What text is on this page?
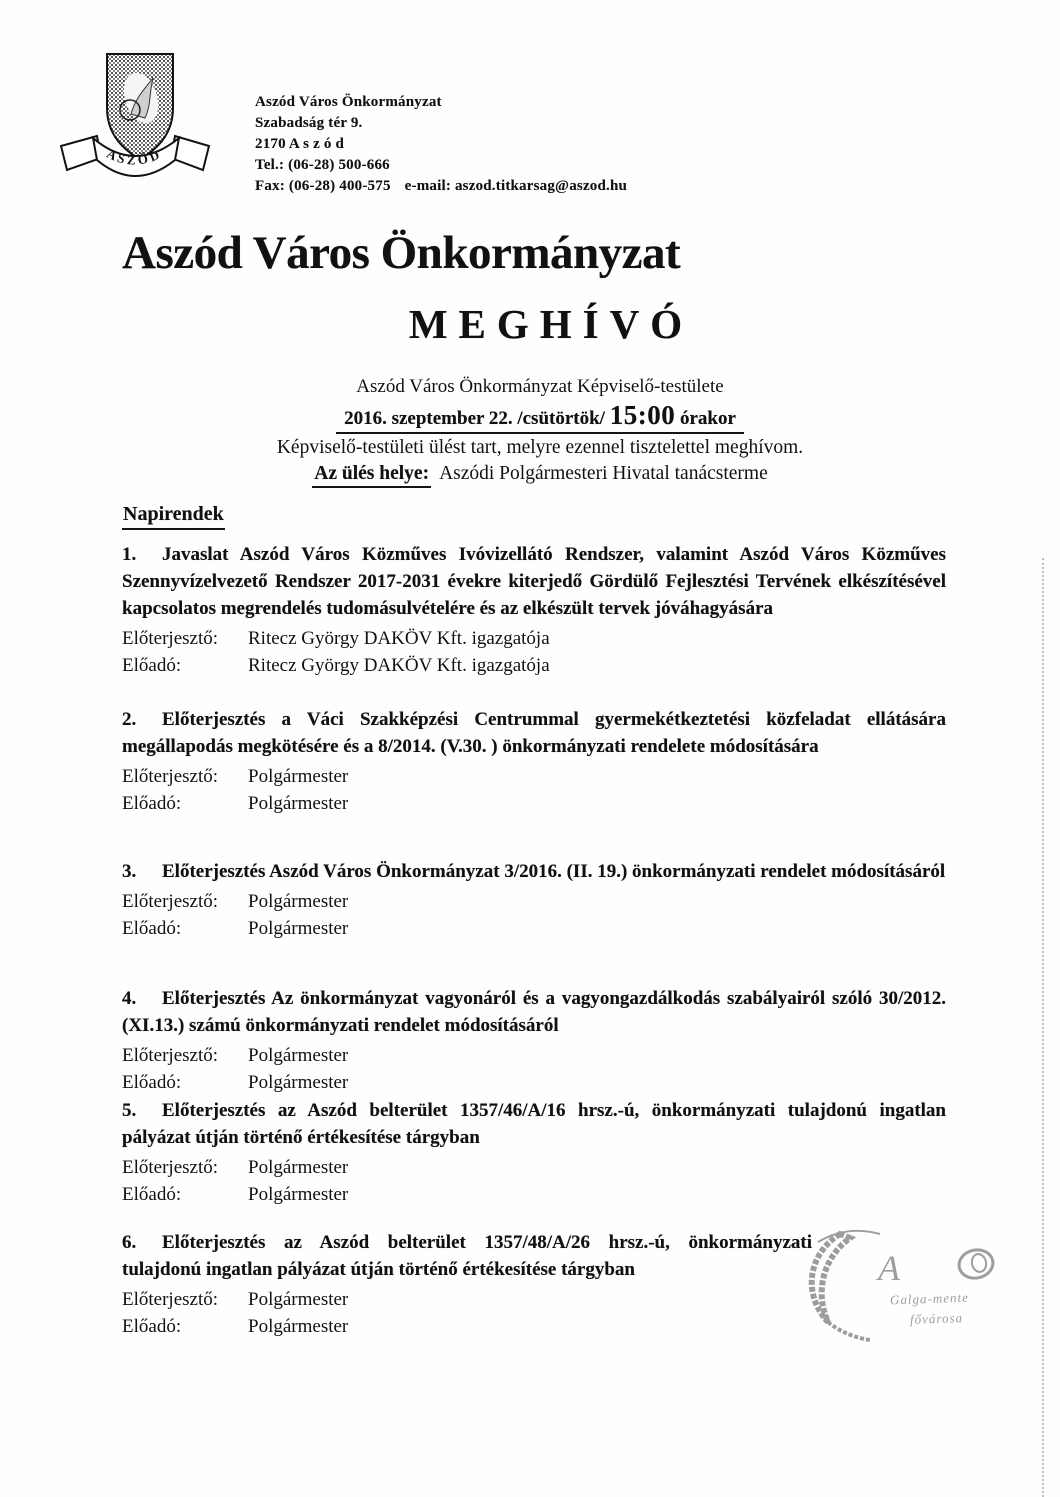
A S Z Ó D
Aszód Város Önkormányzat
Szabadság tér 9.
2170 A s z ó d
Tel.: (06-28) 500-666
Fax: (06-28) 400-575 e-mail: aszod.titkarsag@aszod.hu
Aszód Város Önkormányzat
MEGHÍVÓ
Aszód Város Önkormányzat Képviselő-testülete
2016. szeptember 22. /csütörtök/ 15:00 órakor
Képviselő-testületi ülést tart, melyre ezennel tisztelettel meghívom.
Az ülés helye: Aszódi Polgármesteri Hivatal tanácsterme
Napirendek

1. Javaslat Aszód Város Közműves Ivóvizellátó Rendszer, valamint Aszód Város Közműves Szennyvízelvezető Rendszer 2017-2031 évekre kiterjedő Gördülő Fejlesztési Tervének elkészítésével kapcsolatos megrendelés tudomásulvételére és az elkészült tervek jóváhagyására

Előterjesztő: Ritecz György DAKÖV Kft. igazgatója
Előadó:	Ritecz György DAKÖV Kft. igazgatója

2. Előterjesztés a Váci Szakképzési Centrummal gyermekétkeztetési közfeladat ellátására megállapodás megkötésére és a 8/2014. (V.30. ) önkormányzati rendelete módosítására

Előterjesztő: Polgármester
Előadó:	Polgármester

3. Előterjesztés Aszód Város Önkormányzat 3/2016. (II. 19.) önkormányzati rendelet módosításáról

Előterjesztő: Polgármester
Előadó:	Polgármester

4. Előterjesztés Az önkormányzat vagyonáról és a vagyongazdálkodás szabályairól szóló 30/2012.(XI.13.) számú önkormányzati rendelet módosításáról

Előterjesztő: Polgármester
Előadó:	Polgármester

5. Előterjesztés az Aszód belterület 1357/46/A/16 hrsz.-ú, önkormányzati tulajdonú ingatlan pályázat útján történő értékesítése tárgyban

Előterjesztő: Polgármester
Előadó:	Polgármester

6. Előterjesztés az Aszód belterület 1357/48/A/26 hrsz.-ú, önkormányzati tulajdonú ingatlan pályázat útján történő értékesítése tárgyban

Előterjesztő: Polgármester
Előadó:	Polgármester
A
Galga-mente
fővárosa
